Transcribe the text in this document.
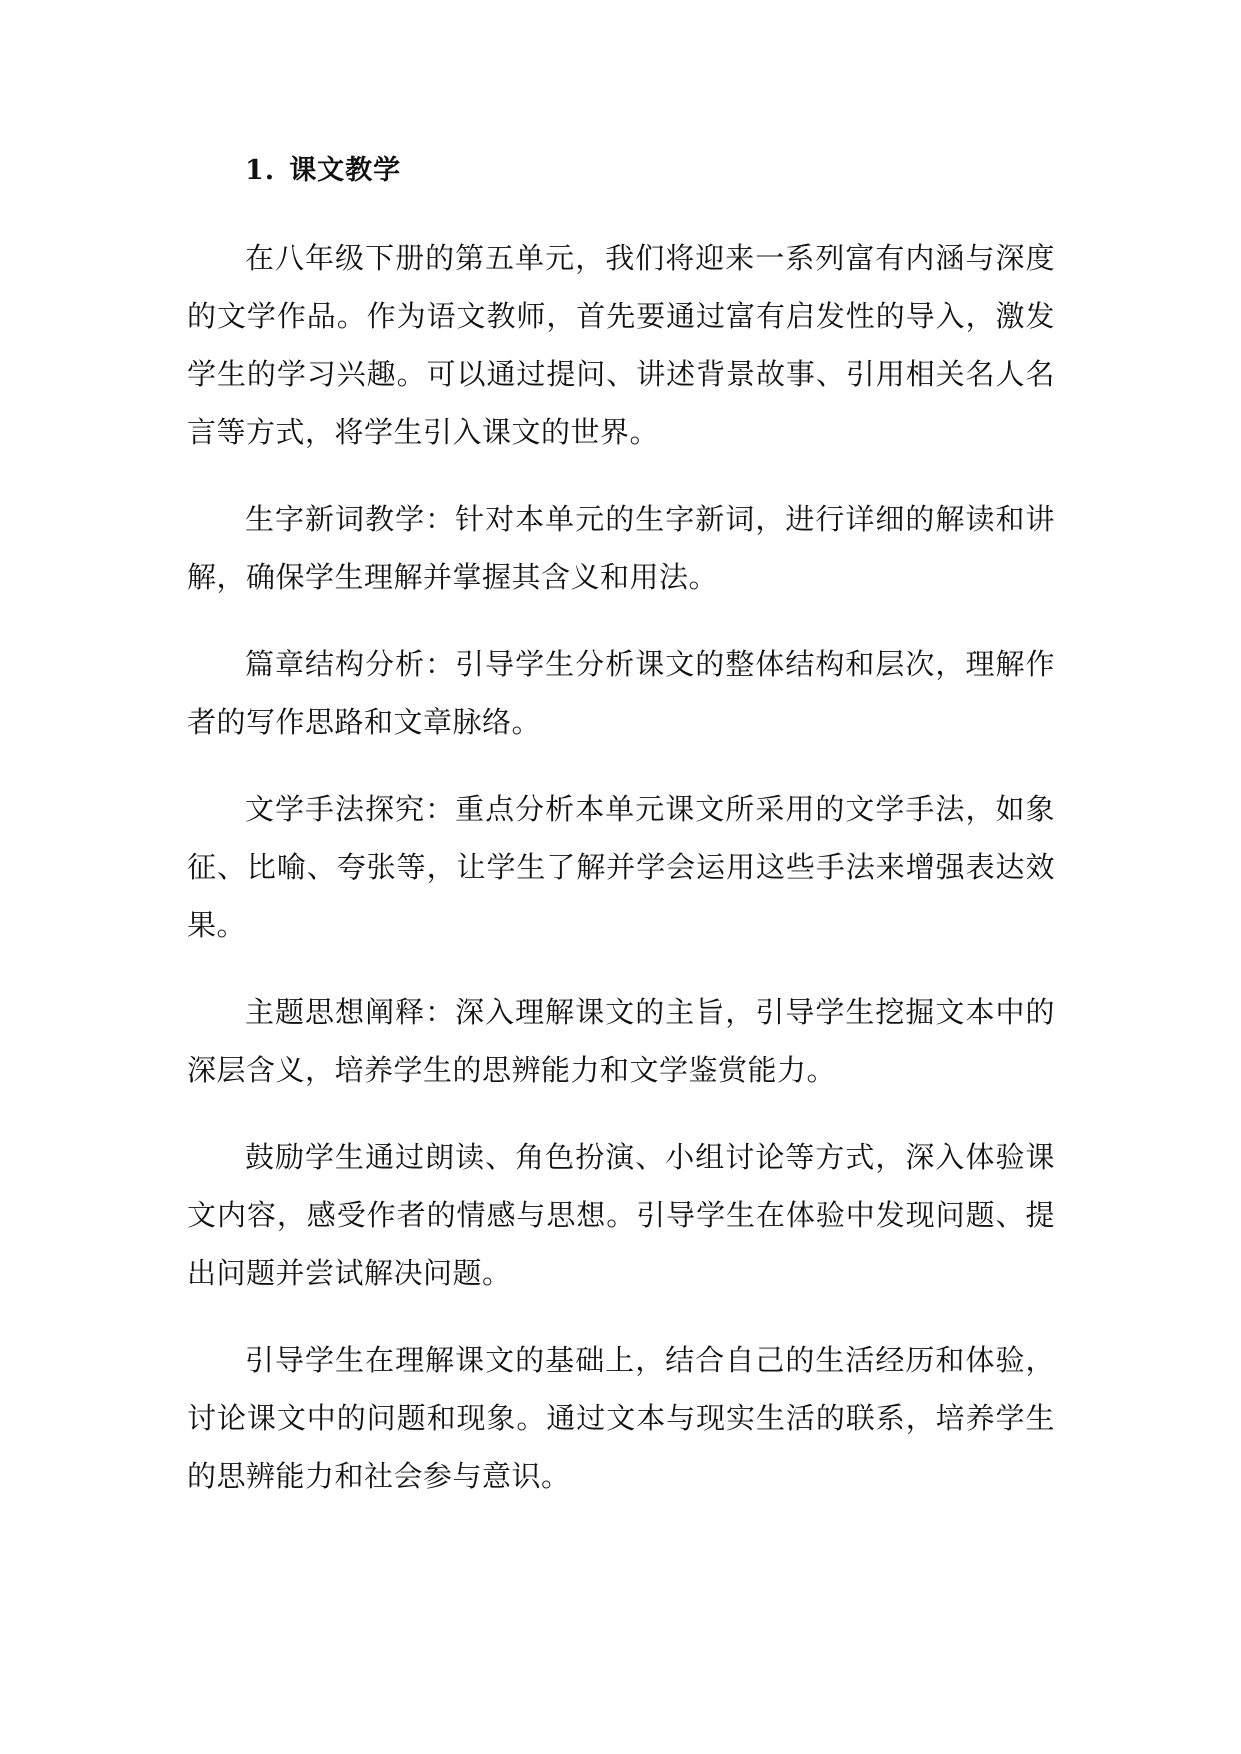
1. 课文教学

在八年级下册的第五单元，我们将迎来一系列富有内涵与深度的文学作品。作为语文教师，首先要通过富有启发性的导入，激发学生的学习兴趣。可以通过提问、讲述背景故事、引用相关名人名言等方式，将学生引入课文的世界。

生字新词教学：针对本单元的生字新词，进行详细的解读和讲解，确保学生理解并掌握其含义和用法。

篇章结构分析：引导学生分析课文的整体结构和层次，理解作者的写作思路和文章脉络。

文学手法探究：重点分析本单元课文所采用的文学手法，如象征、比喻、夸张等，让学生了解并学会运用这些手法来增强表达效果。

主题思想阐释：深入理解课文的主旨，引导学生挖掘文本中的深层含义，培养学生的思辨能力和文学鉴赏能力。

鼓励学生通过朗读、角色扮演、小组讨论等方式，深入体验课文内容，感受作者的情感与思想。引导学生在体验中发现问题、提出问题并尝试解决问题。

引导学生在理解课文的基础上，结合自己的生活经历和体验，讨论课文中的问题和现象。通过文本与现实生活的联系，培养学生的思辨能力和社会参与意识。
